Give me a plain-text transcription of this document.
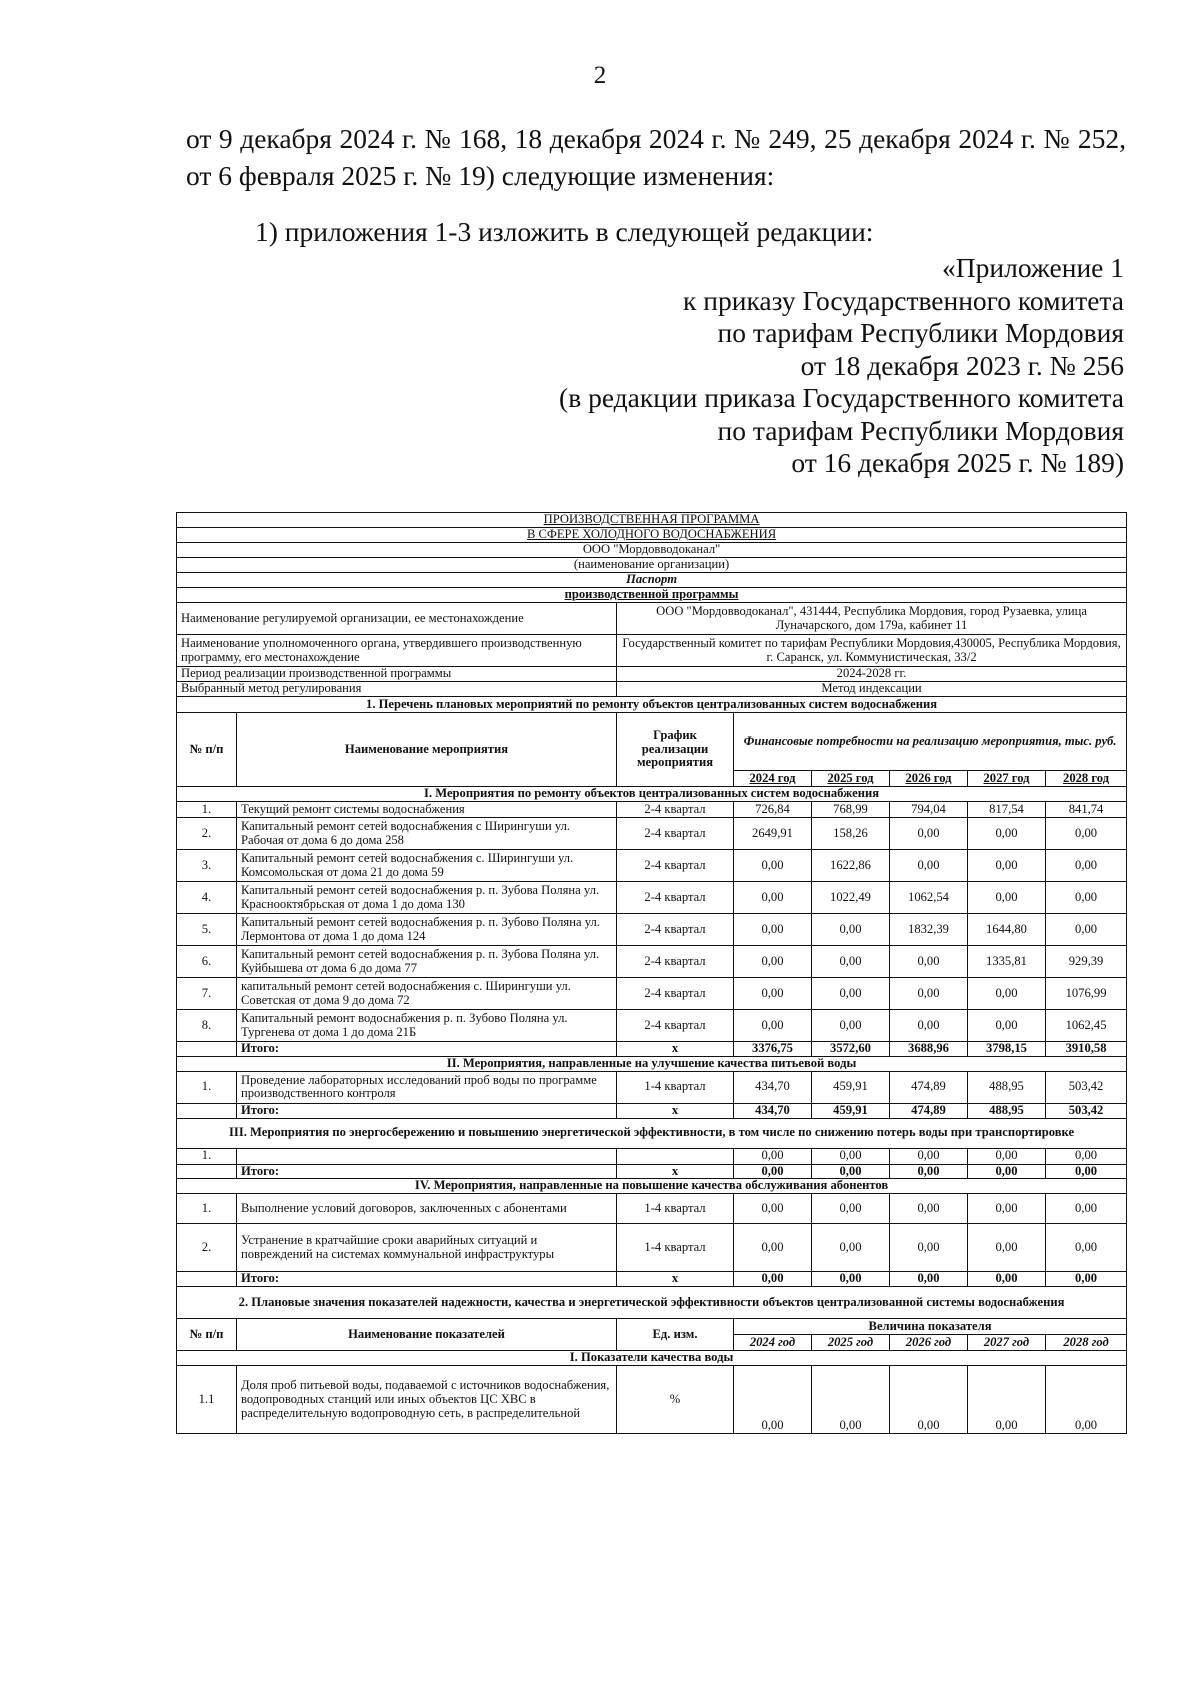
2
от 9 декабря 2024 г. № 168, 18 декабря 2024 г. № 249, 25 декабря 2024 г. № 252, от 6 февраля 2025 г. № 19) следующие изменения:
1) приложения 1-3 изложить в следующей редакции:
«Приложение 1
к приказу Государственного комитета
по тарифам Республики Мордовия
от 18 декабря 2023 г. № 256
(в редакции приказа Государственного комитета
по тарифам Республики Мордовия
от 16 декабря 2025 г. № 189)
ПРОИЗВОДСТВЕННАЯ ПРОГРАММА							
В СФЕРЕ ХОЛОДНОГО ВОДОСНАБЖЕНИЯ							
ООО "Мордовводоканал"							
(наименование организации)							
Паспорт							
производственной программы							
Наименование регулируемой организации, ее местонахождение		ООО "Мордовводоканал", 431444, Республика Мордовия, город Рузаевка, улица Луначарского, дом 179а, кабинет 11					
Наименование уполномоченного органа, утвердившего производственную программу, его местонахождение		Государственный комитет по тарифам Республики Мордовия,430005, Республика Мордовия, г. Саранск, ул. Коммунистическая, 33/2					
Период реализации производственной программы		2024-2028 гг.					
Выбранный метод регулирования		Метод индексации					
1. Перечень плановых мероприятий по ремонту объектов централизованных систем водоснабжения							
№ п/п	Наименование мероприятия	График реализации мероприятия	Финансовые потребности на реализацию мероприятия, тыс. руб.				
			2024 год	2025 год	2026 год	2027 год	2028 год
I. Мероприятия по ремонту объектов централизованных систем водоснабжения							
1.	Текущий ремонт системы водоснабжения	2-4 квартал	726,84	768,99	794,04	817,54	841,74
2.	Капитальный ремонт сетей водоснабжения с Ширингуши ул. Рабочая от дома 6 до дома 258	2-4 квартал	2649,91	158,26	0,00	0,00	0,00
3.	Капитальный ремонт сетей водоснабжения с. Ширингуши ул. Комсомольская от дома 21 до дома 59	2-4 квартал	0,00	1622,86	0,00	0,00	0,00
4.	Капитальный ремонт сетей водоснабжения р. п. Зубова Поляна ул. Краснооктябрьская от дома 1 до дома 130	2-4 квартал	0,00	1022,49	1062,54	0,00	0,00
5.	Капитальный ремонт сетей водоснабжения р. п. Зубово Поляна ул. Лермонтова от дома 1 до дома 124	2-4 квартал	0,00	0,00	1832,39	1644,80	0,00
6.	Капитальный ремонт сетей водоснабжения р. п. Зубова Поляна ул. Куйбышева от дома 6 до дома 77	2-4 квартал	0,00	0,00	0,00	1335,81	929,39
7.	капитальный ремонт сетей водоснабжения с. Ширингуши ул. Советская от дома 9 до дома 72	2-4 квартал	0,00	0,00	0,00	0,00	1076,99
8.	Капитальный ремонт водоснабжения р. п. Зубово Поляна ул. Тургенева от дома 1 до дома 21Б	2-4 квартал	0,00	0,00	0,00	0,00	1062,45
	Итого:	х	3376,75	3572,60	3688,96	3798,15	3910,58
II. Мероприятия, направленные на улучшение качества питьевой воды							
1.	Проведение лабораторных исследований проб воды по программе производственного контроля	1-4 квартал	434,70	459,91	474,89	488,95	503,42
	Итого:	х	434,70	459,91	474,89	488,95	503,42
III. Мероприятия по энергосбережению и повышению энергетической эффективности, в том числе по снижению потерь воды при транспортировке							
1.			0,00	0,00	0,00	0,00	0,00
	Итого:	х	0,00	0,00	0,00	0,00	0,00
IV. Мероприятия, направленные на повышение качества обслуживания абонентов							
1.	Выполнение условий договоров, заключенных с абонентами	1-4 квартал	0,00	0,00	0,00	0,00	0,00
2.	Устранение в кратчайшие сроки аварийных ситуаций и повреждений на системах коммунальной инфраструктуры	1-4 квартал	0,00	0,00	0,00	0,00	0,00
	Итого:	х	0,00	0,00	0,00	0,00	0,00
2. Плановые значения показателей надежности, качества и энергетической эффективности объектов централизованной системы водоснабжения							
№ п/п	Наименование показателей	Ед. изм.	Величина показателя				
			2024 год	2025 год	2026 год	2027 год	2028 год
I. Показатели качества воды							
1.1	Доля проб питьевой воды, подаваемой с источников водоснабжения, водопроводных станций или иных объектов ЦС ХВС в распределительную водопроводную сеть, в распределительной	%	0,00	0,00	0,00	0,00	0,00
